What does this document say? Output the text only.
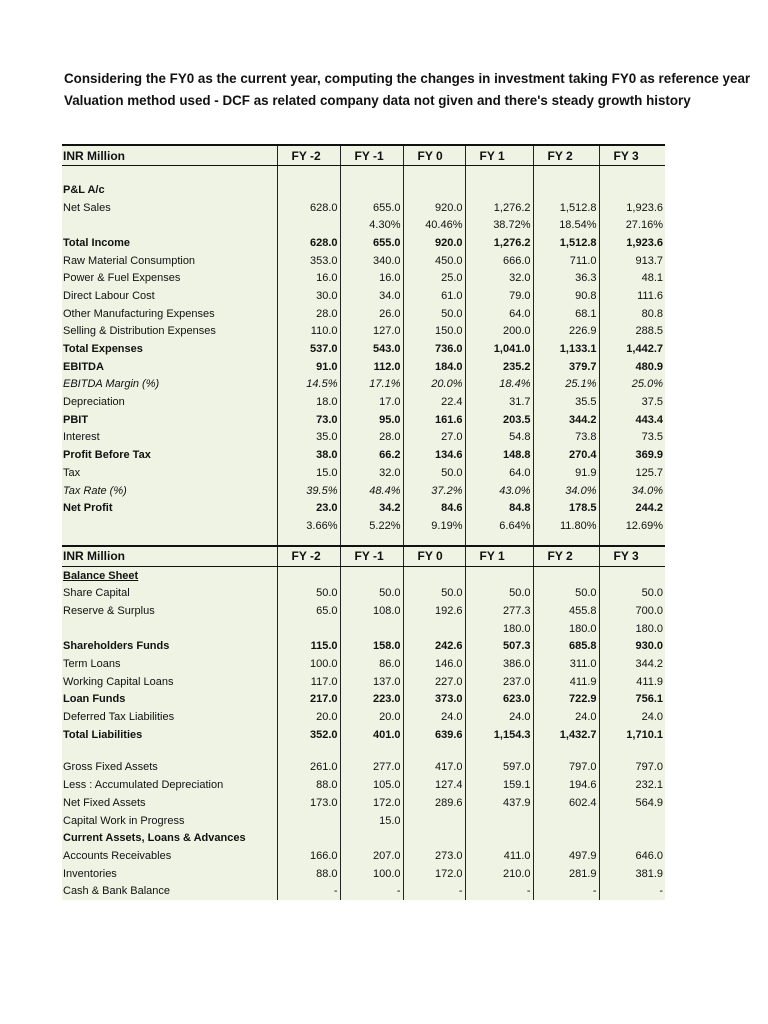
Considering the FY0 as the current year, computing the changes in investment taking FY0 as reference year
Valuation method used - DCF as related company data not given and there's steady growth history
INR Million	FY -2	FY -1	FY 0	FY 1	FY 2	FY 3

P&L A/c						
Net Sales	628.0	655.0	920.0	1,276.2	1,512.8	1,923.6
		4.30%	40.46%	38.72%	18.54%	27.16%
Total Income	628.0	655.0	920.0	1,276.2	1,512.8	1,923.6
Raw Material Consumption	353.0	340.0	450.0	666.0	711.0	913.7
Power & Fuel Expenses	16.0	16.0	25.0	32.0	36.3	48.1
Direct Labour Cost	30.0	34.0	61.0	79.0	90.8	111.6
Other Manufacturing Expenses	28.0	26.0	50.0	64.0	68.1	80.8
Selling & Distribution Expenses	110.0	127.0	150.0	200.0	226.9	288.5
Total Expenses	537.0	543.0	736.0	1,041.0	1,133.1	1,442.7
EBITDA	91.0	112.0	184.0	235.2	379.7	480.9
EBITDA Margin (%)	14.5%	17.1%	20.0%	18.4%	25.1%	25.0%
Depreciation	18.0	17.0	22.4	31.7	35.5	37.5
PBIT	73.0	95.0	161.6	203.5	344.2	443.4
Interest	35.0	28.0	27.0	54.8	73.8	73.5
Profit Before Tax	38.0	66.2	134.6	148.8	270.4	369.9
Tax	15.0	32.0	50.0	64.0	91.9	125.7
Tax Rate (%)	39.5%	48.4%	37.2%	43.0%	34.0%	34.0%
Net Profit	23.0	34.2	84.6	84.8	178.5	244.2
	3.66%	5.22%	9.19%	6.64%	11.80%	12.69%

INR Million	FY -2	FY -1	FY 0	FY 1	FY 2	FY 3
Balance Sheet						
Share Capital	50.0	50.0	50.0	50.0	50.0	50.0
Reserve & Surplus	65.0	108.0	192.6	277.3	455.8	700.0
				180.0	180.0	180.0
Shareholders Funds	115.0	158.0	242.6	507.3	685.8	930.0
Term Loans	100.0	86.0	146.0	386.0	311.0	344.2
Working Capital Loans	117.0	137.0	227.0	237.0	411.9	411.9
Loan Funds	217.0	223.0	373.0	623.0	722.9	756.1
Deferred Tax Liabilities	20.0	20.0	24.0	24.0	24.0	24.0
Total Liabilities	352.0	401.0	639.6	1,154.3	1,432.7	1,710.1

Gross Fixed Assets	261.0	277.0	417.0	597.0	797.0	797.0
Less : Accumulated Depreciation	88.0	105.0	127.4	159.1	194.6	232.1
Net Fixed Assets	173.0	172.0	289.6	437.9	602.4	564.9
Capital Work in Progress		15.0				
Current Assets, Loans & Advances						
Accounts Receivables	166.0	207.0	273.0	411.0	497.9	646.0
Inventories	88.0	100.0	172.0	210.0	281.9	381.9
Cash & Bank Balance	-	-	-	-	-	-
